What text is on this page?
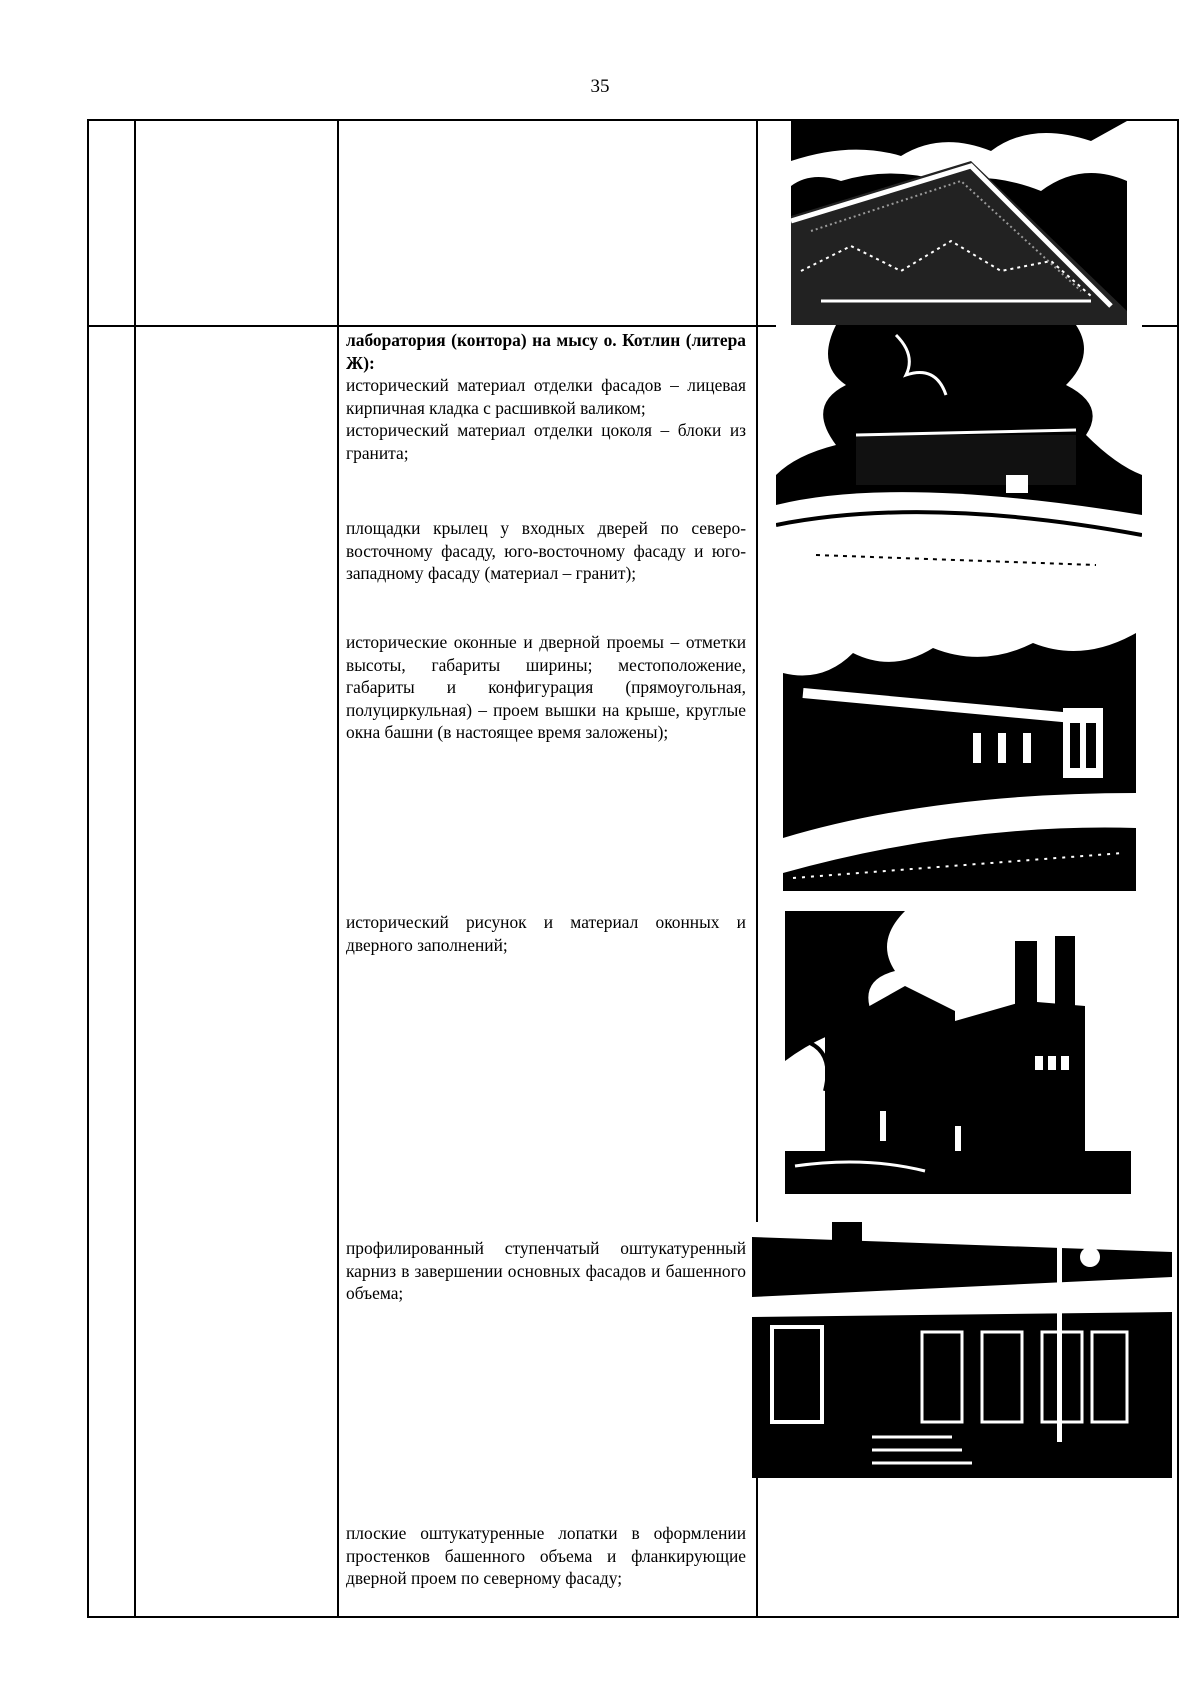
35

лаборатория (контора) на мысу о. Котлин (литера Ж):

исторический материал отделки фасадов – лицевая кирпичная кладка с расшивкой валиком;

исторический материал отделки цоколя – блоки из гранита;

площадки крылец у входных дверей по северо-восточному фасаду, юго-восточному фасаду и юго-западному фасаду (материал – гранит);

исторические оконные и дверной проемы – отметки высоты, габариты ширины; местоположение, габариты и конфигурация (прямоугольная, полуциркульная) – проем вышки на крыше, круглые окна башни (в настоящее время заложены);

исторический рисунок и материал оконных и дверного заполнений;

профилированный ступенчатый оштукатуренный карниз в завершении основных фасадов и башенного объема;

плоские оштукатуренные лопатки в оформлении простенков башенного объема и фланкирующие дверной проем по северному фасаду;
